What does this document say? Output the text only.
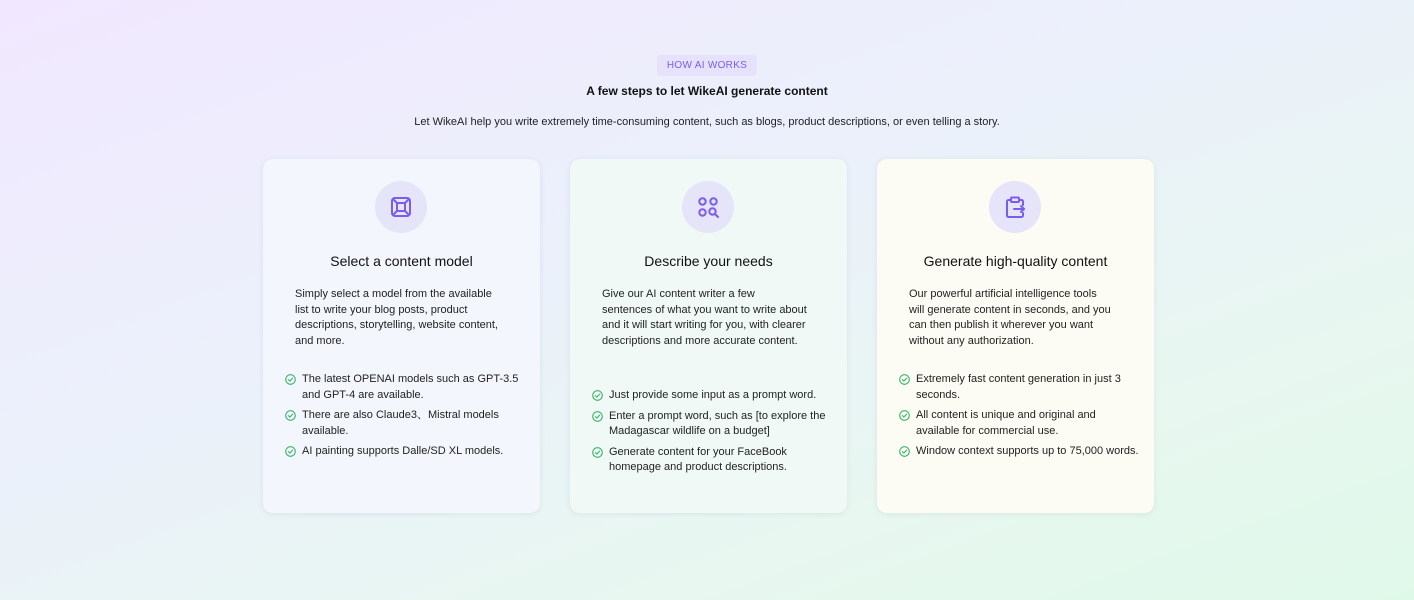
HOW AI WORKS
A few steps to let WikeAI generate content
Let WikeAI help you write extremely time-consuming content, such as blogs, product descriptions, or even telling a story.
Select a content model
Simply select a model from the available list to write your blog posts, product descriptions, storytelling, website content, and more.
The latest OPENAI models such as GPT-3.5 and GPT-4 are available.
There are also Claude3、Mistral models available.
AI painting supports Dalle/SD XL models.
Describe your needs
Give our AI content writer a few sentences of what you want to write about and it will start writing for you, with clearer descriptions and more accurate content.
Just provide some input as a prompt word.
Enter a prompt word, such as [to explore the Madagascar wildlife on a budget]
Generate content for your FaceBook homepage and product descriptions.
Generate high-quality content
Our powerful artificial intelligence tools will generate content in seconds, and you can then publish it wherever you want without any authorization.
Extremely fast content generation in just 3 seconds.
All content is unique and original and available for commercial use.
Window context supports up to 75,000 words.
